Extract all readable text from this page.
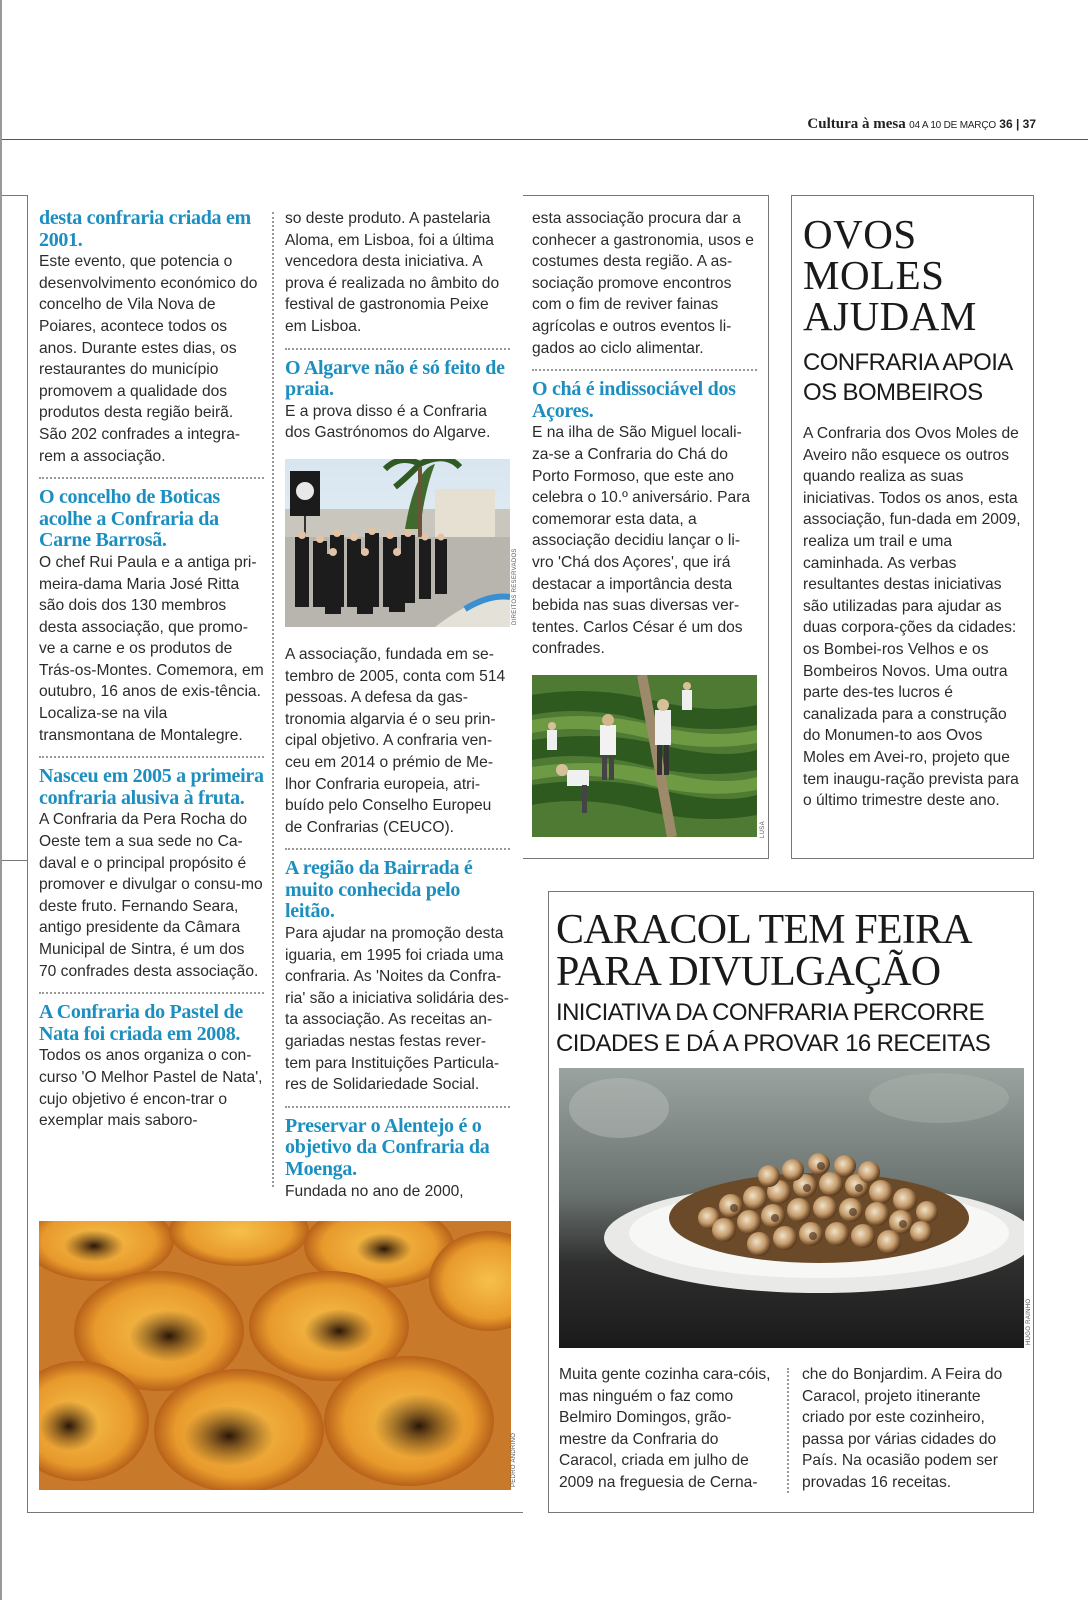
Cultura à mesa 04 A 10 DE MARÇO 36 | 37
desta confraria criada em 2001.

Este evento, que potencia o desenvolvimento económico do concelho de Vila Nova de Poiares, acontece todos os anos. Durante estes dias, os restaurantes do município promovem a qualidade dos produtos desta região beirã. São 202 confrades a integra-rem a associação.

O concelho de Boticas acolhe a Confraria da Carne Barrosã.

O chef Rui Paula e a antiga pri-meira-dama Maria José Ritta são dois dos 130 membros desta associação, que promo-ve a carne e os produtos de Trás-os-Montes. Comemora, em outubro, 16 anos de exis-tência. Localiza-se na vila transmontana de Montalegre.

Nasceu em 2005 a primeira confraria alusiva à fruta.

A Confraria da Pera Rocha do Oeste tem a sua sede no Ca-daval e o principal propósito é promover e divulgar o consu-mo deste fruto. Fernando Seara, antigo presidente da Câmara Municipal de Sintra, é um dos 70 confrades desta associação.

A Confraria do Pastel de Nata foi criada em 2008.

Todos os anos organiza o con-curso 'O Melhor Pastel de Nata', cujo objetivo é encon-trar o exemplar mais saboro-

so deste produto. A pastelaria Aloma, em Lisboa, foi a última vencedora desta iniciativa. A prova é realizada no âmbito do festival de gastronomia Peixe em Lisboa.

O Algarve não é só feito de praia.

E a prova disso é a Confraria dos Gastrónomos do Algarve.

A associação, fundada em se-tembro de 2005, conta com 514 pessoas. A defesa da gas-tronomia algarvia é o seu prin-cipal objetivo. A confraria ven-ceu em 2014 o prémio de Me-lhor Confraria europeia, atri-buído pelo Conselho Europeu de Confrarias (CEUCO).

A região da Bairrada é muito conhecida pelo leitão.

Para ajudar na promoção desta iguaria, em 1995 foi criada uma confraria. As 'Noites da Confra-ria' são a iniciativa solidária des-ta associação. As receitas an-gariadas nestas festas rever-tem para Instituições Particula-res de Solidariedade Social.

Preservar o Alentejo é o objetivo da Confraria da Moenga.

Fundada no ano de 2000,

DIREITOS RESERVADOS
PEDRO ANDRINO

esta associação procura dar a conhecer a gastronomia, usos e costumes desta região. A as-sociação promove encontros com o fim de reviver fainas agrícolas e outros eventos li-gados ao ciclo alimentar.

O chá é indissociável dos Açores.

E na ilha de São Miguel locali-za-se a Confraria do Chá do Porto Formoso, que este ano celebra o 10.º aniversário. Para comemorar esta data, a associação decidiu lançar o li-vro 'Chá dos Açores', que irá destacar a importância desta bebida nas suas diversas ver-tentes. Carlos César é um dos confrades.

LUSA
OVOS
MOLES
AJUDAM
CONFRARIA APOIA
OS BOMBEIROS

A Confraria dos Ovos Moles de Aveiro não esquece os outros quando realiza as suas iniciativas. Todos os anos, esta associação, fun-dada em 2009, realiza um trail e uma caminhada. As verbas resultantes destas iniciativas são utilizadas para ajudar as duas corpora-ções da cidades: os Bombei-ros Velhos e os Bombeiros Novos. Uma outra parte des-tes lucros é canalizada para a construção do Monumen-to aos Ovos Moles em Avei-ro, projeto que tem inaugu-ração prevista para o último trimestre deste ano.

CARACOL TEM FEIRA
PARA DIVULGAÇÃO
INICIATIVA DA CONFRARIA PERCORRE
CIDADES E DÁ A PROVAR 16 RECEITAS
HUGO RAINHO

Muita gente cozinha cara-cóis, mas ninguém o faz como Belmiro Domingos, grão-mestre da Confraria do Caracol, criada em julho de 2009 na freguesia de Cerna-

che do Bonjardim. A Feira do Caracol, projeto itinerante criado por este cozinheiro, passa por várias cidades do País. Na ocasião podem ser provadas 16 receitas.
